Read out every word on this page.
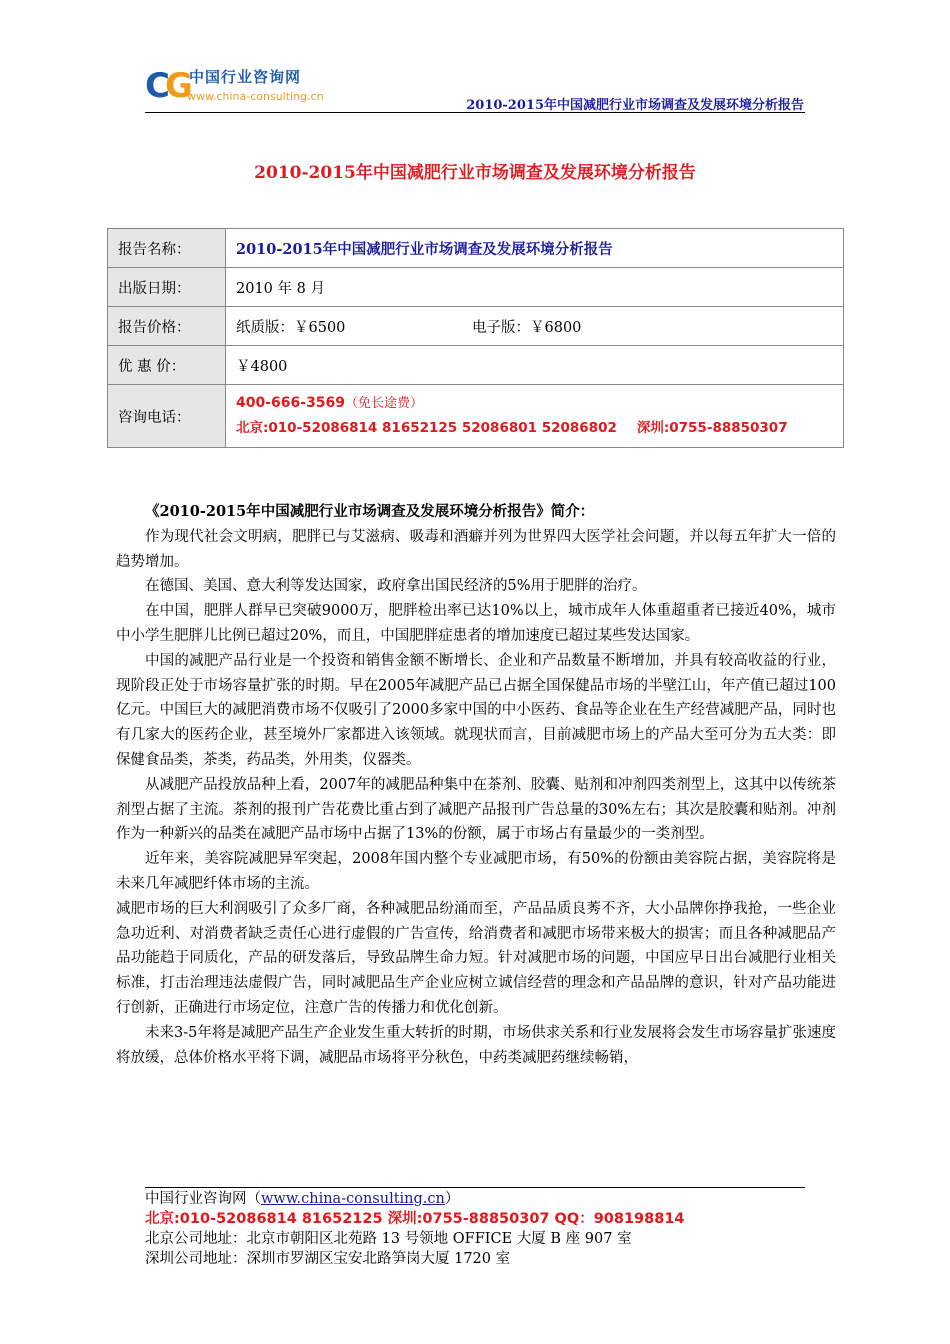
C
G
中国行业咨询网
www.china-consulting.cn
2010-2015年中国减肥行业市场调查及发展环境分析报告
2010-2015年中国减肥行业市场调查及发展环境分析报告
报告名称：	2010-2015年中国减肥行业市场调查及发展环境分析报告
出版日期：	2010 年 8 月
报告价格：	纸质版：￥6500 电子版：￥6800
优 惠 价：	￥4800
咨询电话：	400-666-3569（免长途费）
北京:010-52086814 81652125 52086801 52086802 深圳:0755-88850307

《2010-2015年中国减肥行业市场调查及发展环境分析报告》简介：

作为现代社会文明病，肥胖已与艾滋病、吸毒和酒癖并列为世界四大医学社会问题，并以每五年扩大一倍的趋势增加。

在德国、美国、意大利等发达国家，政府拿出国民经济的5%用于肥胖的治疗。

在中国，肥胖人群早已突破9000万，肥胖检出率已达10%以上，城市成年人体重超重者已接近40%，城市中小学生肥胖儿比例已超过20%，而且，中国肥胖症患者的增加速度已超过某些发达国家。

中国的减肥产品行业是一个投资和销售金额不断增长、企业和产品数量不断增加，并具有较高收益的行业，现阶段正处于市场容量扩张的时期。早在2005年减肥产品已占据全国保健品市场的半壁江山，年产值已超过100亿元。中国巨大的减肥消费市场不仅吸引了2000多家中国的中小医药、食品等企业在生产经营减肥产品，同时也有几家大的医药企业，甚至境外厂家都进入该领域。就现状而言，目前减肥市场上的产品大至可分为五大类：即保健食品类，茶类，药品类，外用类，仪器类。

从减肥产品投放品种上看，2007年的减肥品种集中在茶剂、胶囊、贴剂和冲剂四类剂型上，这其中以传统茶剂型占据了主流。茶剂的报刊广告花费比重占到了减肥产品报刊广告总量的30%左右；其次是胶囊和贴剂。冲剂作为一种新兴的品类在减肥产品市场中占据了13%的份额，属于市场占有量最少的一类剂型。

近年来，美容院减肥异军突起，2008年国内整个专业减肥市场，有50%的份额由美容院占据，美容院将是未来几年减肥纤体市场的主流。

减肥市场的巨大利润吸引了众多厂商，各种减肥品纷涌而至，产品品质良莠不齐，大小品牌你挣我抢，一些企业急功近利、对消费者缺乏责任心进行虚假的广告宣传，给消费者和减肥市场带来极大的损害；而且各种减肥品产品功能趋于同质化，产品的研发落后，导致品牌生命力短。针对减肥市场的问题，中国应早日出台减肥行业相关标准，打击治理违法虚假广告，同时减肥品生产企业应树立诚信经营的理念和产品品牌的意识，针对产品功能进行创新，正确进行市场定位，注意广告的传播力和优化创新。

未来3-5年将是减肥产品生产企业发生重大转折的时期，市场供求关系和行业发展将会发生市场容量扩张速度将放缓，总体价格水平将下调，减肥品市场将平分秋色，中药类减肥药继续畅销，

中国行业咨询网（www.china-consulting.cn）
北京:010-52086814 81652125 深圳:0755-88850307 QQ：908198814
北京公司地址：北京市朝阳区北苑路 13 号领地 OFFICE 大厦 B 座 907 室
深圳公司地址：深圳市罗湖区宝安北路笋岗大厦 1720 室
